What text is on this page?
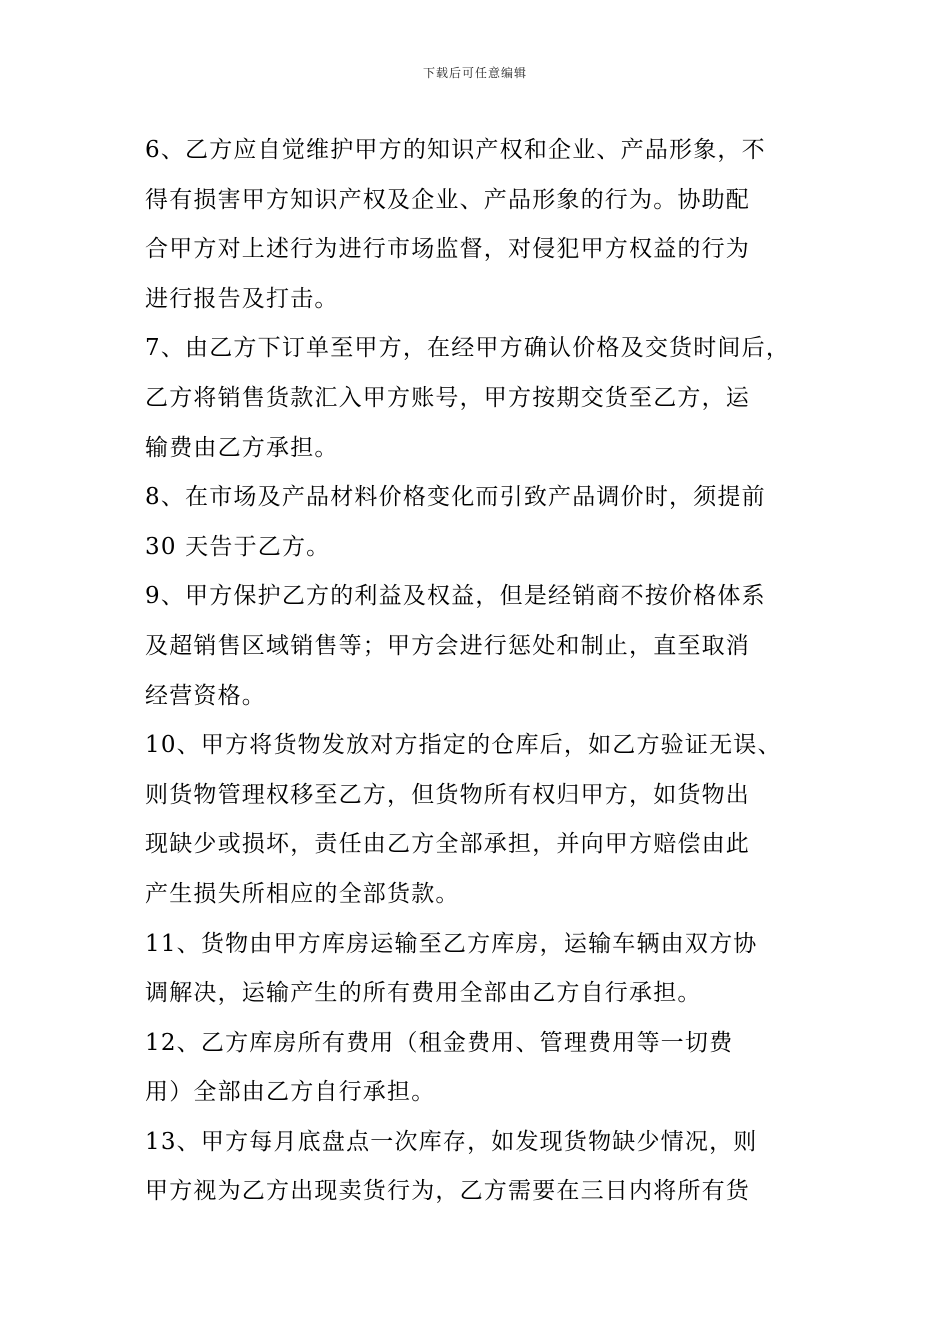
下载后可任意编辑

6、乙方应自觉维护甲方的知识产权和企业、产品形象，不
得有损害甲方知识产权及企业、产品形象的行为。协助配
合甲方对上述行为进行市场监督，对侵犯甲方权益的行为
进行报告及打击。

7、由乙方下订单至甲方，在经甲方确认价格及交货时间后，
乙方将销售货款汇入甲方账号，甲方按期交货至乙方，运
输费由乙方承担。

8、在市场及产品材料价格变化而引致产品调价时，须提前
30 天告于乙方。

9、甲方保护乙方的利益及权益，但是经销商不按价格体系
及超销售区域销售等；甲方会进行惩处和制止，直至取消
经营资格。

10、甲方将货物发放对方指定的仓库后，如乙方验证无误、
则货物管理权移至乙方，但货物所有权归甲方，如货物出
现缺少或损坏，责任由乙方全部承担，并向甲方赔偿由此
产生损失所相应的全部货款。

11、货物由甲方库房运输至乙方库房，运输车辆由双方协
调解决，运输产生的所有费用全部由乙方自行承担。

12、乙方库房所有费用（租金费用、管理费用等一切费
用）全部由乙方自行承担。

13、甲方每月底盘点一次库存，如发现货物缺少情况，则
甲方视为乙方出现卖货行为，乙方需要在三日内将所有货
